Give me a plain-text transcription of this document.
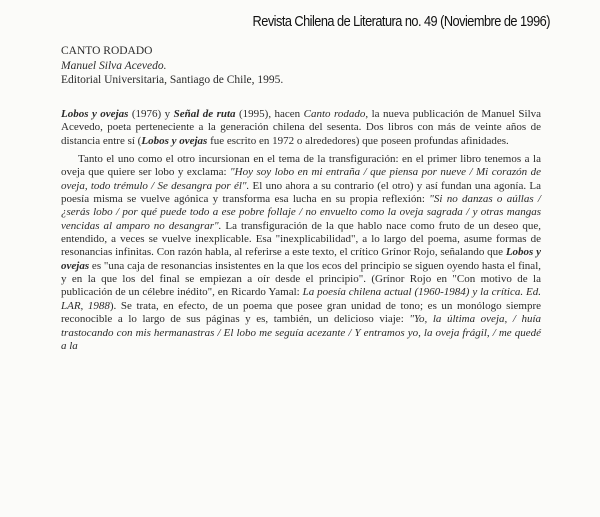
Revista Chilena de Literatura no. 49 (Noviembre de 1996)
CANTO RODADO
Manuel Silva Acevedo.
Editorial Universitaria, Santiago de Chile, 1995.

Lobos y ovejas (1976) y Señal de ruta (1995), hacen Canto rodado, la nueva publicación de Manuel Silva Acevedo, poeta perteneciente a la generación chilena del sesenta. Dos libros con más de veinte años de distancia entre sí (Lobos y ovejas fue escrito en 1972 o alrededores) que poseen profundas afinidades.

Tanto el uno como el otro incursionan en el tema de la transfiguración: en el primer libro tenemos a la oveja que quiere ser lobo y exclama: "Hoy soy lobo en mi entraña / que piensa por nueve / Mi corazón de oveja, todo trémulo / Se desangra por él". El uno ahora a su contrario (el otro) y así fundan una agonía. La poesía misma se vuelve agónica y transforma esa lucha en su propia reflexión: "Si no danzas o aúllas / ¿serás lobo / por qué puede todo a ese pobre follaje / no envuelto como la oveja sagrada / y otras mangas vencidas al amparo no desangrar". La transfiguración de la que hablo nace como fruto de un deseo que, entendido, a veces se vuelve inexplicable. Esa "inexplicabilidad", a lo largo del poema, asume formas de resonancias infinitas. Con razón habla, al referirse a este texto, el crítico Grínor Rojo, señalando que Lobos y ovejas es "una caja de resonancias insistentes en la que los ecos del principio se siguen oyendo hasta el final, y en la que los del final se empiezan a oír desde el principio". (Grínor Rojo en "Con motivo de la publicación de un célebre inédito", en Ricardo Yamal: La poesía chilena actual (1960-1984) y la crítica. Ed. LAR, 1988). Se trata, en efecto, de un poema que posee gran unidad de tono; es un monólogo siempre reconocible a lo largo de sus páginas y es, también, un delicioso viaje: "Yo, la última oveja, / huía trastocando con mis hermanastras / El lobo me seguía acezante / Y entramos yo, la oveja frágil, / me quedé a la
